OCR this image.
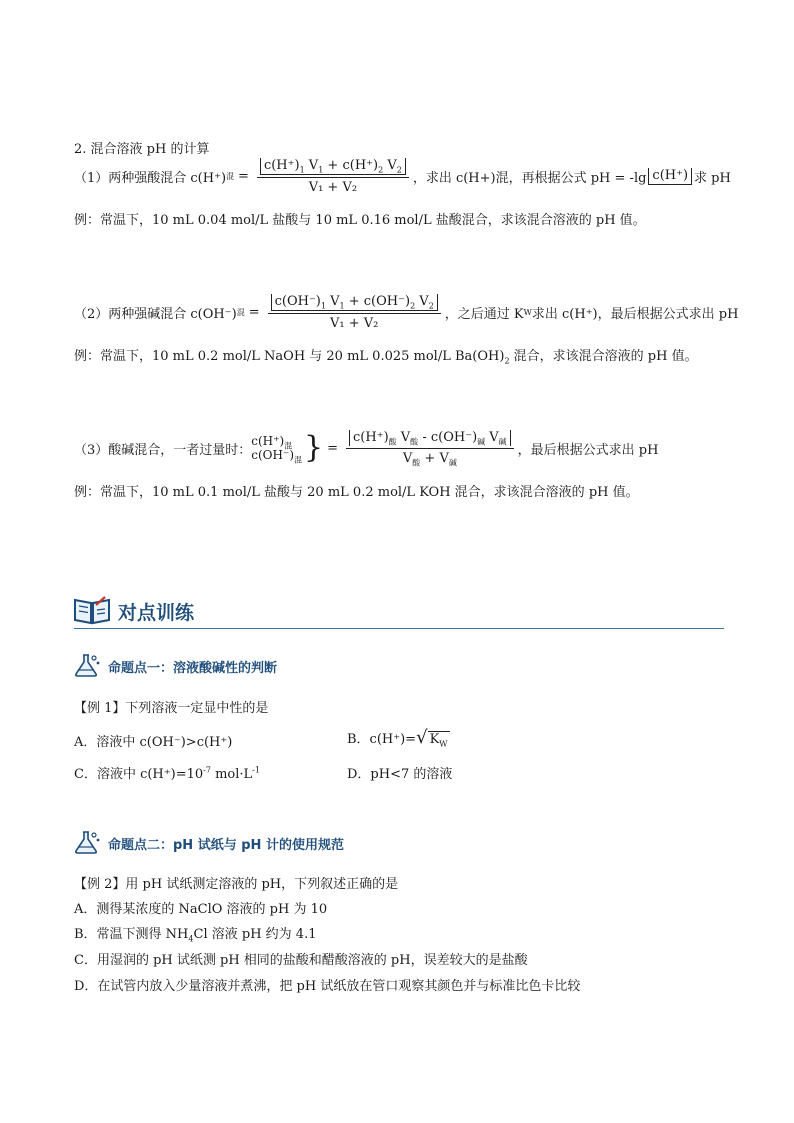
2. 混合溶液 pH 的计算
（1）两种强酸混合 c(H⁺) 混 = $\frac{c(H^+)_1 V_1 + c(H^+)_2 V_2}{\text{V₁ + V₂}}$ ，求出 c(H+)混，再根据公式 pH = -lg c(H⁺) 求 pH
例：常温下，10 mL 0.04 mol/L 盐酸与 10 mL 0.16 mol/L 盐酸混合，求该混合溶液的 pH 值。
（2）两种强碱混合 c(OH⁻) 混 = $\frac{c(OH^-)_1 V_1 + c(OH^-)_2 V_2}{\text{V₁ + V₂}}$ ，之后通过 K W 求出 c(H⁺)，最后根据公式求出 pH
例：常温下，10 mL 0.2 mol/L NaOH 与 20 mL 0.025 mol/L $Ba(OH)_2$ 混合，求该混合溶液的 pH 值。
（3）酸碱混合，一者过量时：
$c(H^+)_混$
$c(OH^-)_混$ } = $\frac{c(H^+)_酸 V_酸 - c(OH^-)_碱 V_碱}{V_酸 + V_碱}$ ，最后根据公式求出 pH
例：常温下，10 mL 0.1 mol/L 盐酸与 20 mL 0.2 mol/L KOH 混合，求该混合溶液的 pH 值。
对点训练
命题点一：溶液酸碱性的判断
【例 1】下列溶液一定显中性的是
A．溶液中 c(OH⁻)>c(H⁺)	B．c(H⁺)= √ $K_W$
C．溶液中 $c(H^+)=10^{-7}$ $mol\cdot L^{-1}$	D．pH<7 的溶液
命题点二：pH 试纸与 pH 计的使用规范
【例 2】用 pH 试纸测定溶液的 pH，下列叙述正确的是
A．测得某浓度的 NaClO 溶液的 pH 为 10
B．常温下测得 $NH_4Cl$ 溶液 pH 约为 4.1
C．用湿润的 pH 试纸测 pH 相同的盐酸和醋酸溶液的 pH，误差较大的是盐酸
D．在试管内放入少量溶液并煮沸，把 pH 试纸放在管口观察其颜色并与标准比色卡比较
